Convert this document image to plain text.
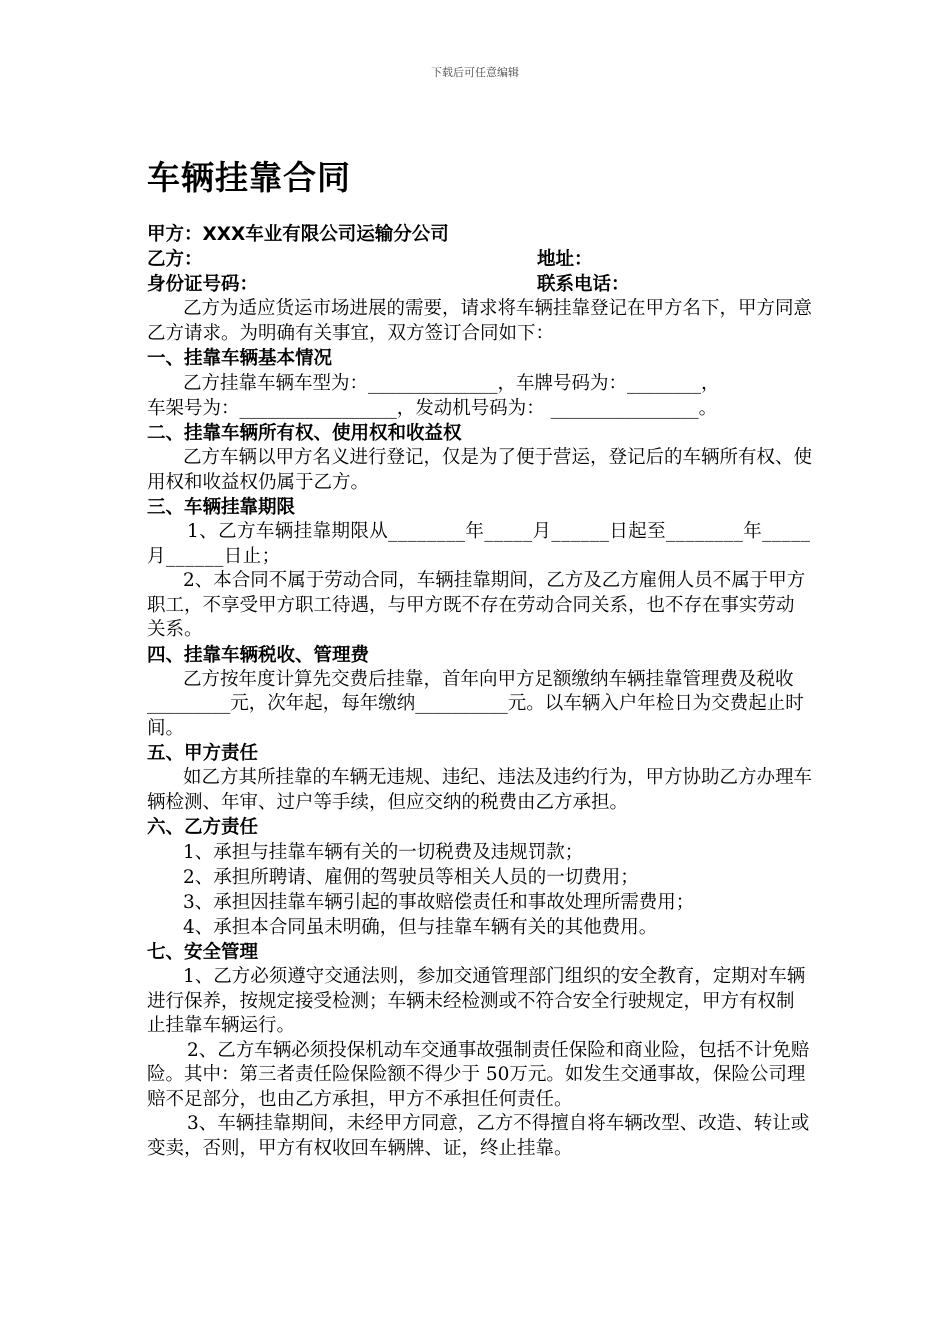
下载后可任意编辑
车辆挂靠合同
甲方：XXX车业有限公司运输分公司
乙方：	地址：
身份证号码：	联系电话：
乙方为适应货运市场进展的需要，请求将车辆挂靠登记在甲方名下，甲方同意乙方请求。为明确有关事宜，双方签订合同如下：
一、挂靠车辆基本情况
乙方挂靠车辆车型为：______________，车牌号码为：________，
车架号为：_________________，发动机号码为： ________________。
二、挂靠车辆所有权、使用权和收益权
乙方车辆以甲方名义进行登记，仅是为了便于营运，登记后的车辆所有权、使用权和收益权仍属于乙方。
三、车辆挂靠期限
1、乙方车辆挂靠期限从________年_____月______日起至________年_____月______日止；
2、本合同不属于劳动合同，车辆挂靠期间，乙方及乙方雇佣人员不属于甲方职工，不享受甲方职工待遇，与甲方既不存在劳动合同关系，也不存在事实劳动关系。
四、挂靠车辆税收、管理费
乙方按年度计算先交费后挂靠，首年向甲方足额缴纳车辆挂靠管理费及税收_________元，次年起，每年缴纳__________元。以车辆入户年检日为交费起止时间。
五、甲方责任
如乙方其所挂靠的车辆无违规、违纪、违法及违约行为，甲方协助乙方办理车辆检测、年审、过户等手续，但应交纳的税费由乙方承担。
六、乙方责任
1、承担与挂靠车辆有关的一切税费及违规罚款；
2、承担所聘请、雇佣的驾驶员等相关人员的一切费用；
3、承担因挂靠车辆引起的事故赔偿责任和事故处理所需费用；
4、承担本合同虽未明确，但与挂靠车辆有关的其他费用。
七、安全管理
1、乙方必须遵守交通法则，参加交通管理部门组织的安全教育，定期对车辆进行保养，按规定接受检测；车辆未经检测或不符合安全行驶规定，甲方有权制止挂靠车辆运行。
2、乙方车辆必须投保机动车交通事故强制责任保险和商业险，包括不计免赔险。其中：第三者责任险保险额不得少于 50万元。如发生交通事故，保险公司理赔不足部分，也由乙方承担，甲方不承担任何责任。
3、车辆挂靠期间，未经甲方同意，乙方不得擅自将车辆改型、改造、转让或变卖，否则，甲方有权收回车辆牌、证，终止挂靠。
